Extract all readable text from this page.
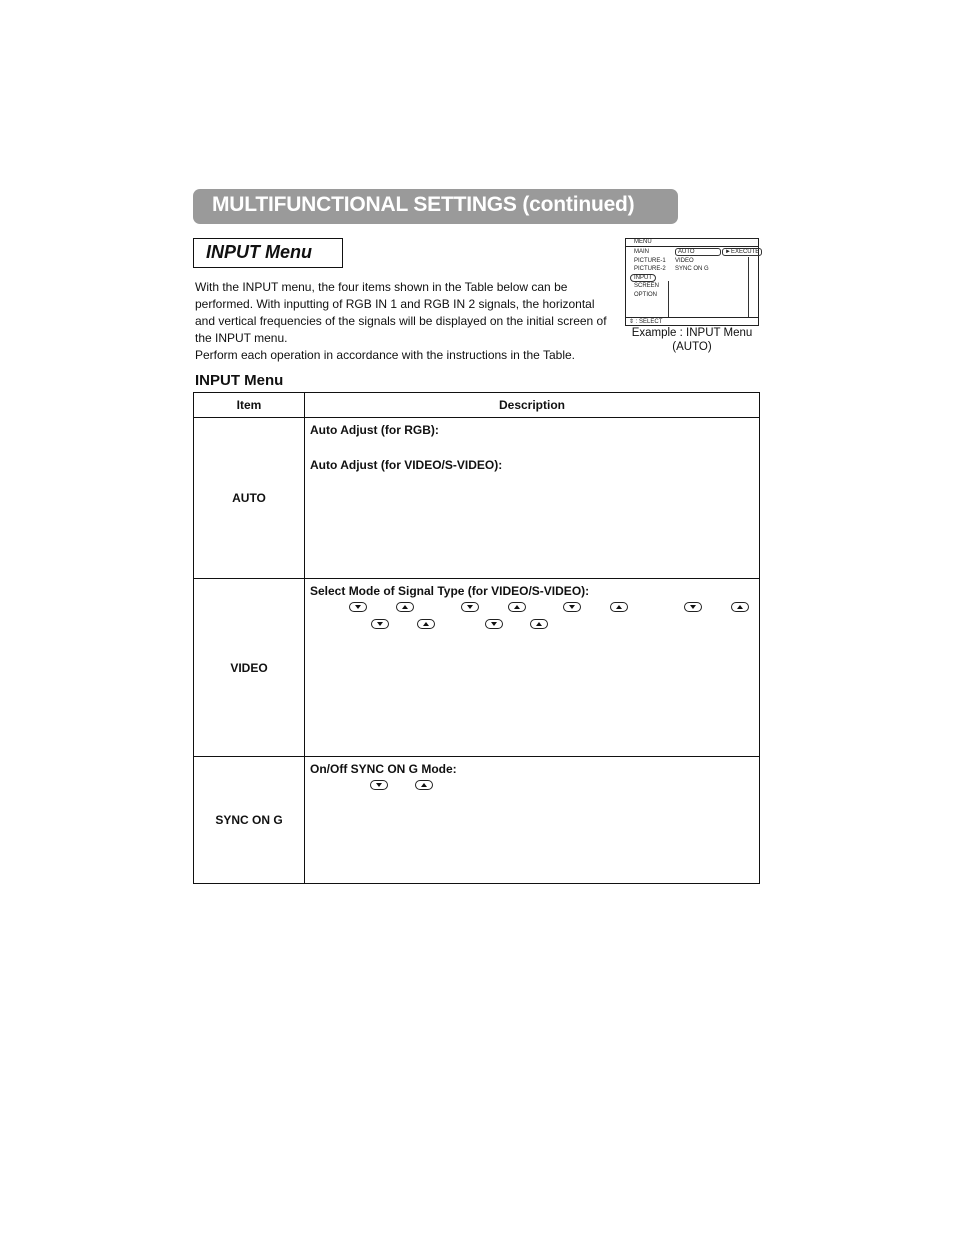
MULTIFUNCTIONAL SETTINGS (continued)
INPUT Menu

With the INPUT menu, the four items shown in the Table below can be performed. With inputting of RGB IN 1 and RGB IN 2 signals, the horizontal and vertical frequencies of the signals will be displayed on the initial screen of the INPUT menu.

Perform each operation in accordance with the instructions in the Table.

MENU
MAIN
PICTURE-1
PICTURE-2
INPUT
SCREEN
OPTION
AUTO
VIDEO
SYNC ON G
►EXECUTE
⇕ : SELECT
Example : INPUT Menu
(AUTO)
INPUT Menu
Item	Description
AUTO	Auto Adjust (for RGB):
Auto Adjust (for VIDEO/S-VIDEO):

VIDEO	Select Mode of Signal Type (for VIDEO/S-VIDEO):

SYNC ON G	On/Off SYNC ON G Mode:
